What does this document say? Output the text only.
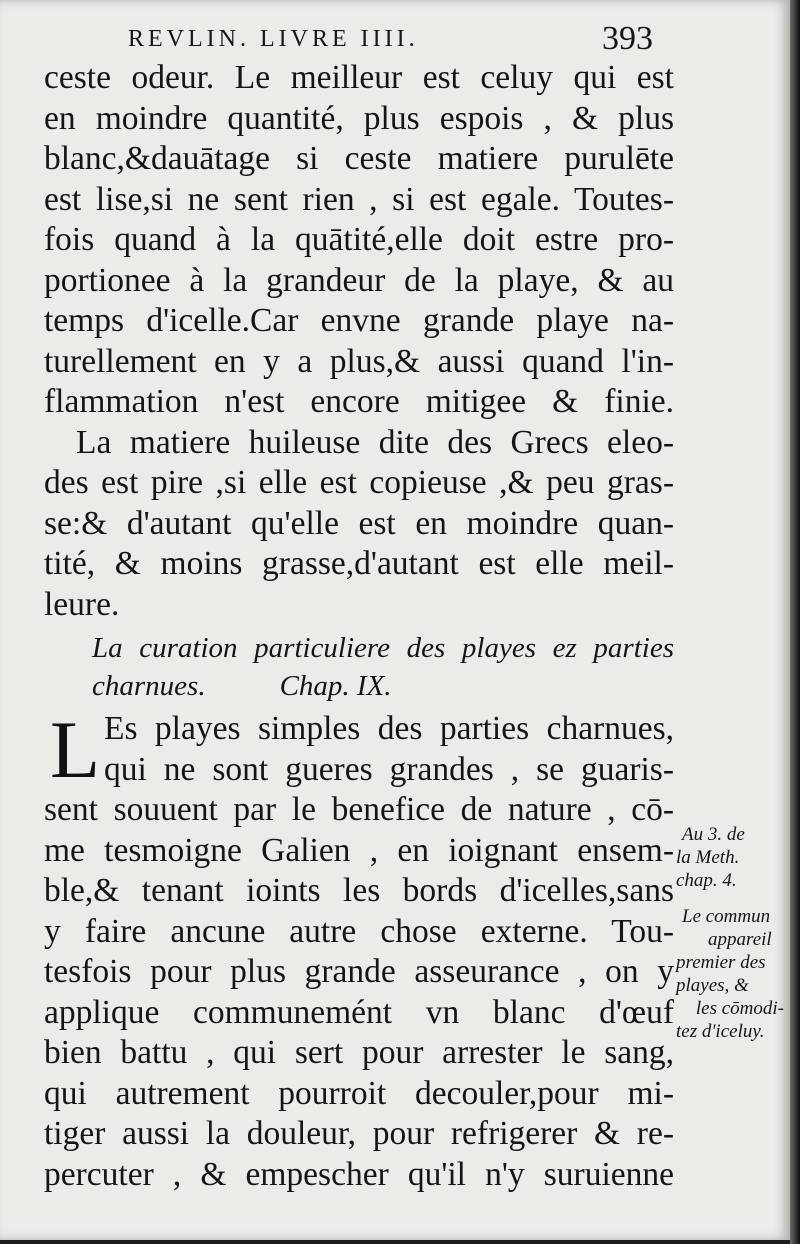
REVLIN. LIVRE IIII.	393
ceste odeur. Le meilleur est celuy qui est
en moindre quantité, plus espois , & plus
blanc,&dauātage si ceste matiere purulēte
est lise,si ne sent rien , si est egale. Toutes-
fois quand à la quātité,elle doit estre pro-
portionee à la grandeur de la playe, & au
temps d'icelle.Car envne grande playe na-
turellement en y a plus,& aussi quand l'in-
flammation n'est encore mitigee & finie.
La matiere huileuse dite des Grecs eleo-
des est pire ,si elle est copieuse ,& peu gras-
se:& d'autant qu'elle est en moindre quan-
tité, & moins grasse,d'autant est elle meil-
leure.
La curation particuliere des playes ez parties
charnues.	Chap. IX.
L Es playes simples des parties charnues,
qui ne sont gueres grandes , se guaris-
sent souuent par le benefice de nature , cō-
me tesmoigne Galien , en ioignant ensem-
ble,& tenant ioints les bords d'icelles,sans
y faire ancune autre chose externe. Tou-
tesfois pour plus grande asseurance , on y
applique communemént vn blanc d'œuf
bien battu , qui sert pour arrester le sang,
qui autrement pourroit decouler,pour mi-
tiger aussi la douleur, pour refrigerer & re-
percuter , & empescher qu'il n'y suruienne
Au 3. de
la Meth.
chap. 4.
Le commun
appareil
premier des
playes, &
les cōmodi-
tez d'iceluy.
